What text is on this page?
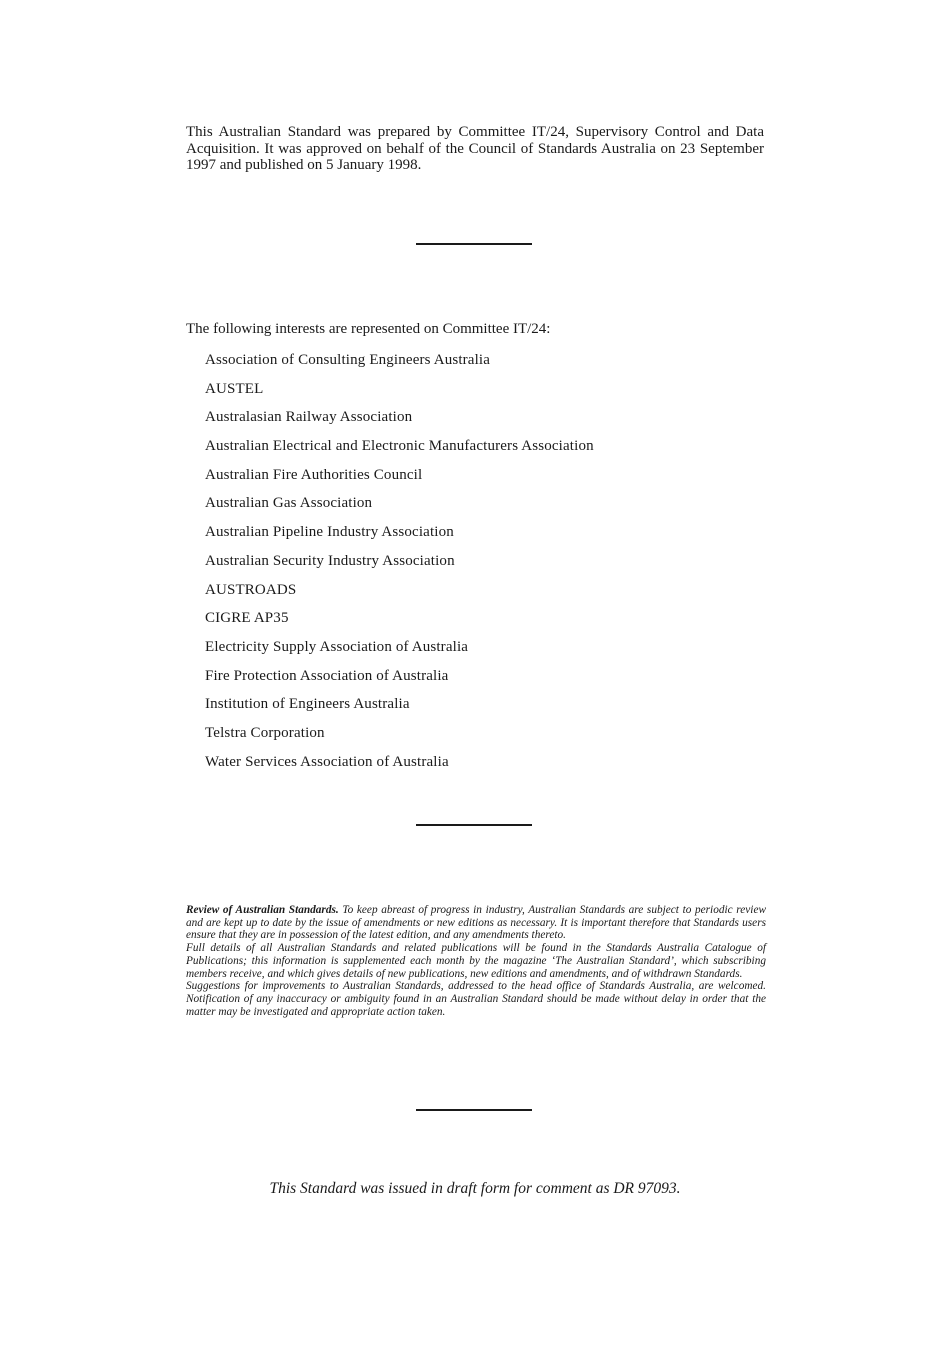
This Australian Standard was prepared by Committee IT/24, Supervisory Control and Data Acquisition. It was approved on behalf of the Council of Standards Australia on 23 September 1997 and published on 5 January 1998.

The following interests are represented on Committee IT/24:

Association of Consulting Engineers Australia
AUSTEL
Australasian Railway Association
Australian Electrical and Electronic Manufacturers Association
Australian Fire Authorities Council
Australian Gas Association
Australian Pipeline Industry Association
Australian Security Industry Association
AUSTROADS
CIGRE AP35
Electricity Supply Association of Australia
Fire Protection Association of Australia
Institution of Engineers Australia
Telstra Corporation
Water Services Association of Australia

Review of Australian Standards. To keep abreast of progress in industry, Australian Standards are subject to periodic review and are kept up to date by the issue of amendments or new editions as necessary. It is important therefore that Standards users ensure that they are in possession of the latest edition, and any amendments thereto.

Full details of all Australian Standards and related publications will be found in the Standards Australia Catalogue of Publications; this information is supplemented each month by the magazine ‘The Australian Standard’, which subscribing members receive, and which gives details of new publications, new editions and amendments, and of withdrawn Standards.

Suggestions for improvements to Australian Standards, addressed to the head office of Standards Australia, are welcomed. Notification of any inaccuracy or ambiguity found in an Australian Standard should be made without delay in order that the matter may be investigated and appropriate action taken.

This Standard was issued in draft form for comment as DR 97093.
